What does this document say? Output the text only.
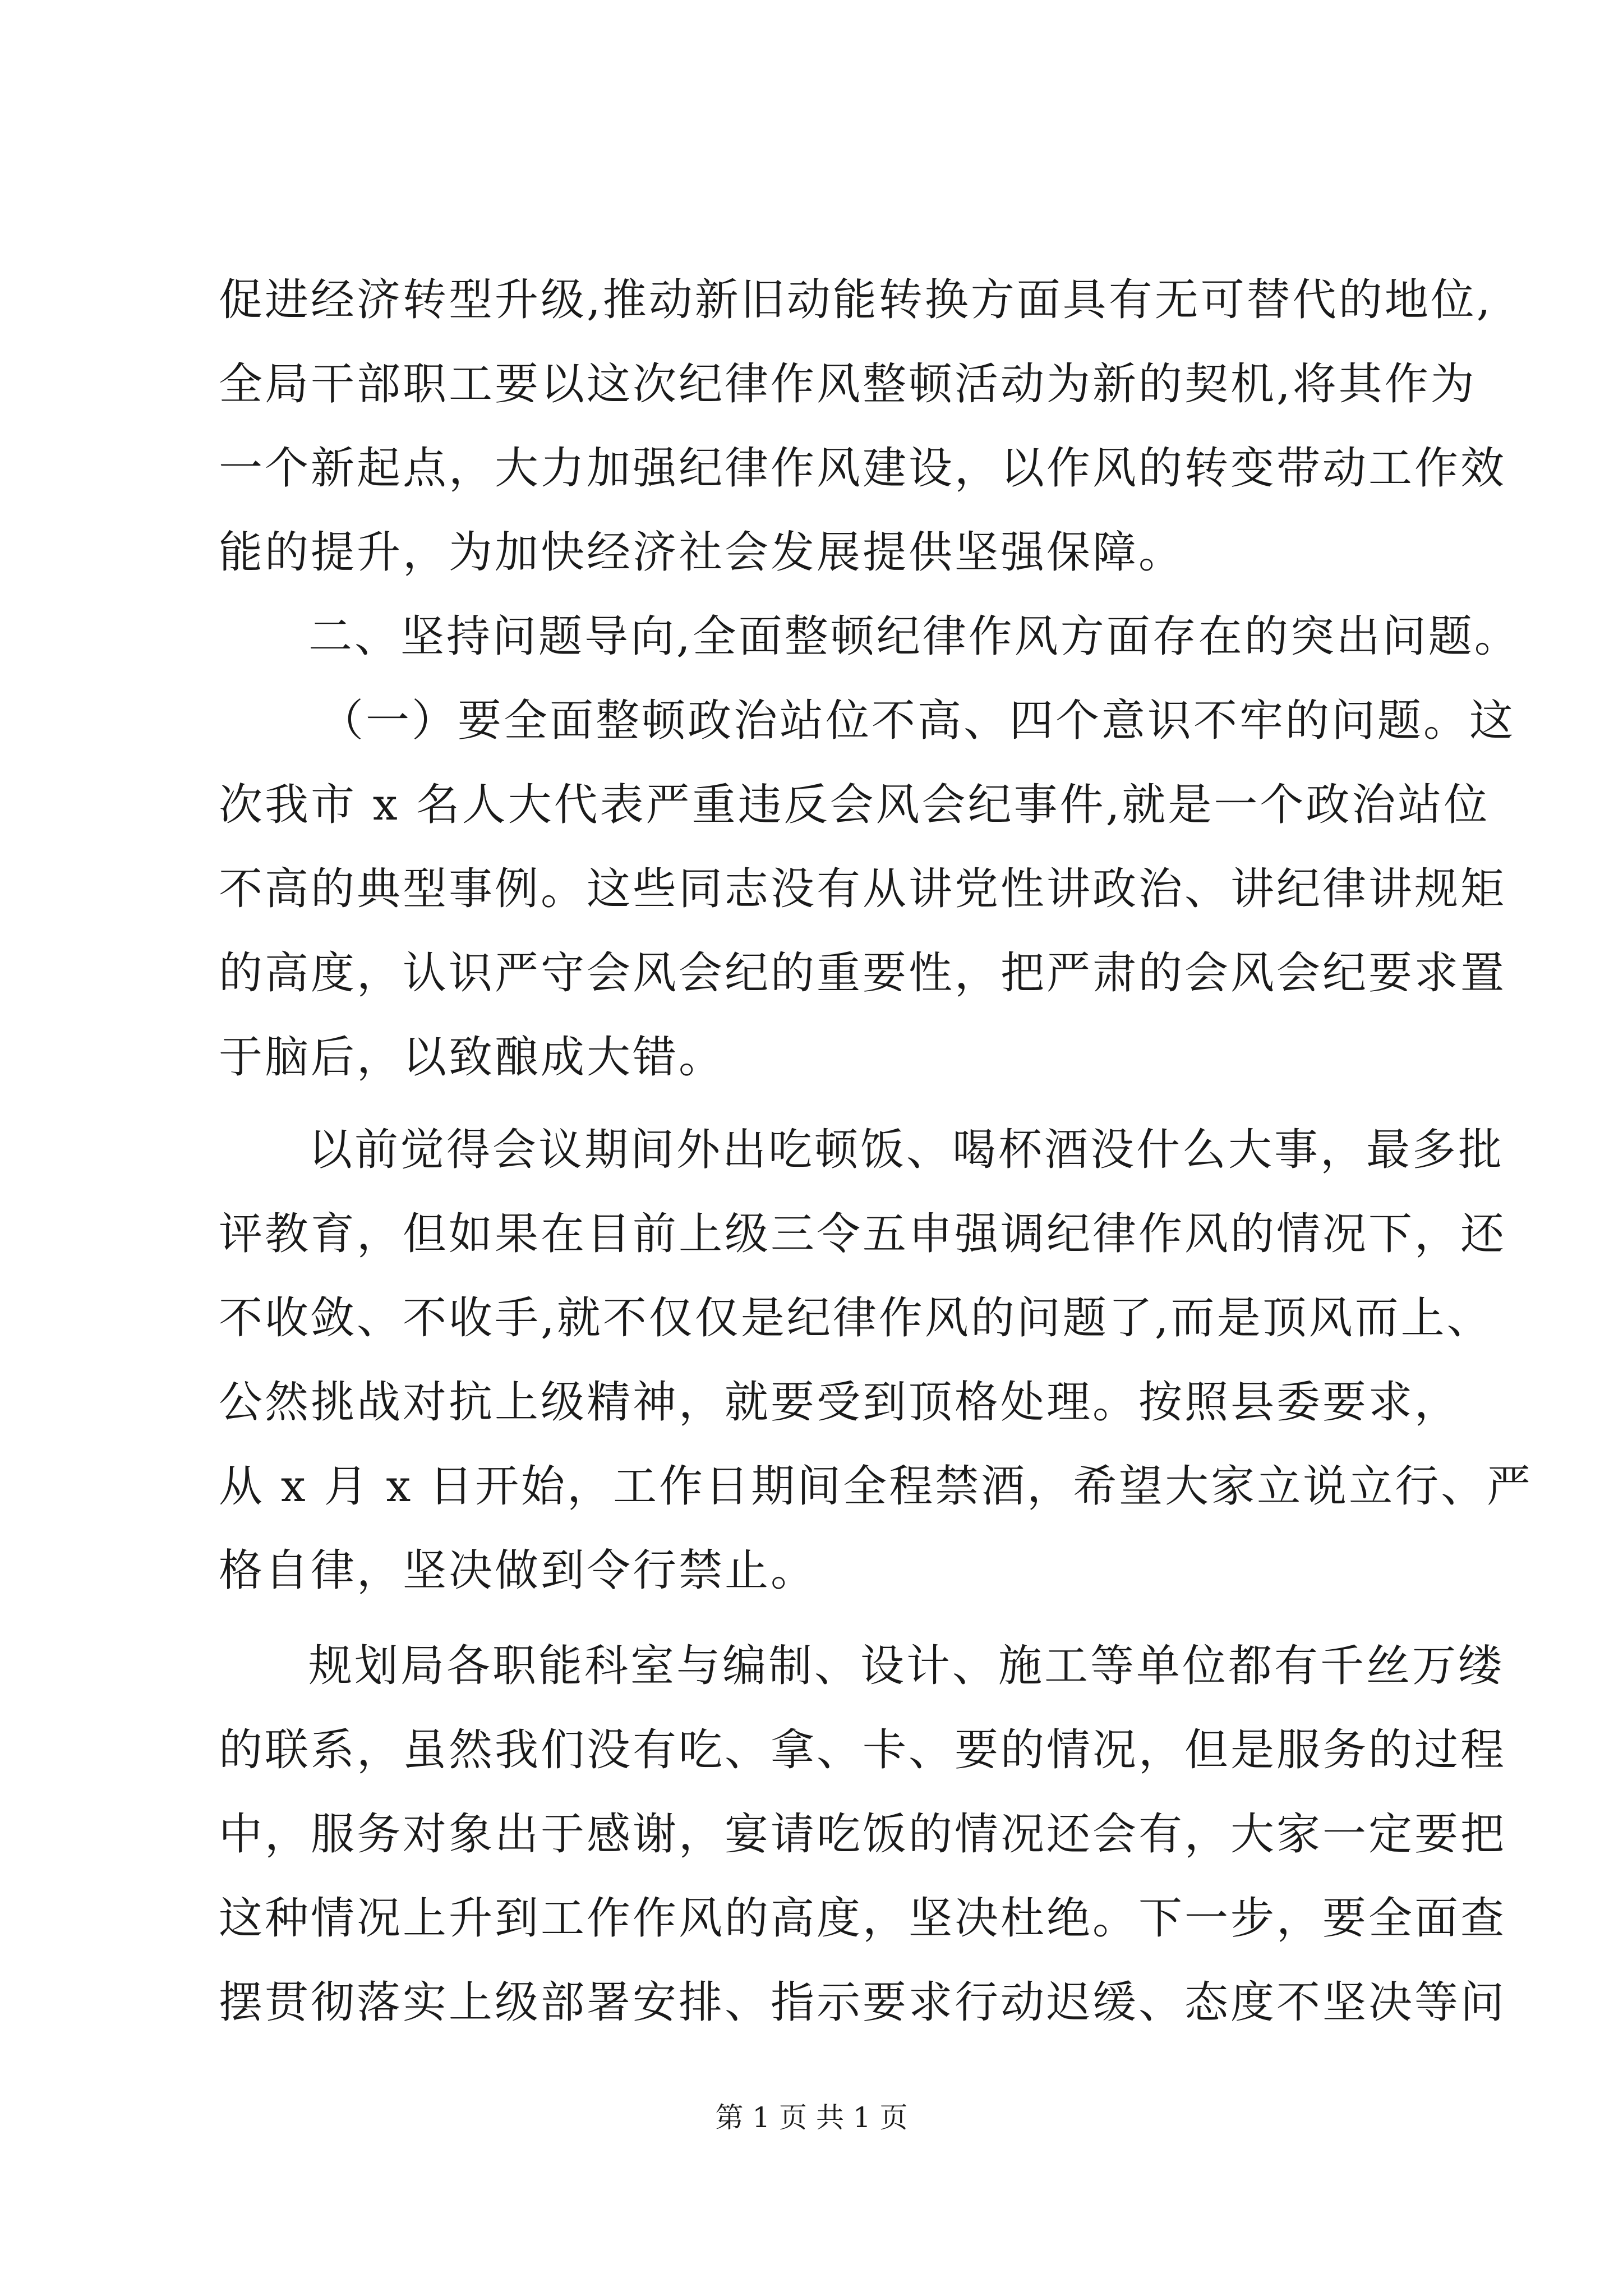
促进经济转型升级,推动新旧动能转换方面具有无可替代的地位,
全局干部职工要以这次纪律作风整顿活动为新的契机,将其作为
一个新起点，大力加强纪律作风建设，以作风的转变带动工作效
能的提升，为加快经济社会发展提供坚强保障。
二、坚持问题导向,全面整顿纪律作风方面存在的突出问题。
（一）要全面整顿政治站位不高、四个意识不牢的问题。这
次我市 x 名人大代表严重违反会风会纪事件,就是一个政治站位
不高的典型事例。这些同志没有从讲党性讲政治、讲纪律讲规矩
的高度，认识严守会风会纪的重要性，把严肃的会风会纪要求置
于脑后，以致酿成大错。
以前觉得会议期间外出吃顿饭、喝杯酒没什么大事，最多批
评教育，但如果在目前上级三令五申强调纪律作风的情况下，还
不收敛、不收手,就不仅仅是纪律作风的问题了,而是顶风而上、
公然挑战对抗上级精神，就要受到顶格处理。按照县委要求，
从 x 月 x 日开始，工作日期间全程禁酒，希望大家立说立行、严
格自律，坚决做到令行禁止。
规划局各职能科室与编制、设计、施工等单位都有千丝万缕
的联系，虽然我们没有吃、拿、卡、要的情况，但是服务的过程
中，服务对象出于感谢，宴请吃饭的情况还会有，大家一定要把
这种情况上升到工作作风的高度，坚决杜绝。下一步，要全面查
摆贯彻落实上级部署安排、指示要求行动迟缓、态度不坚决等问
第 1 页 共 1 页
